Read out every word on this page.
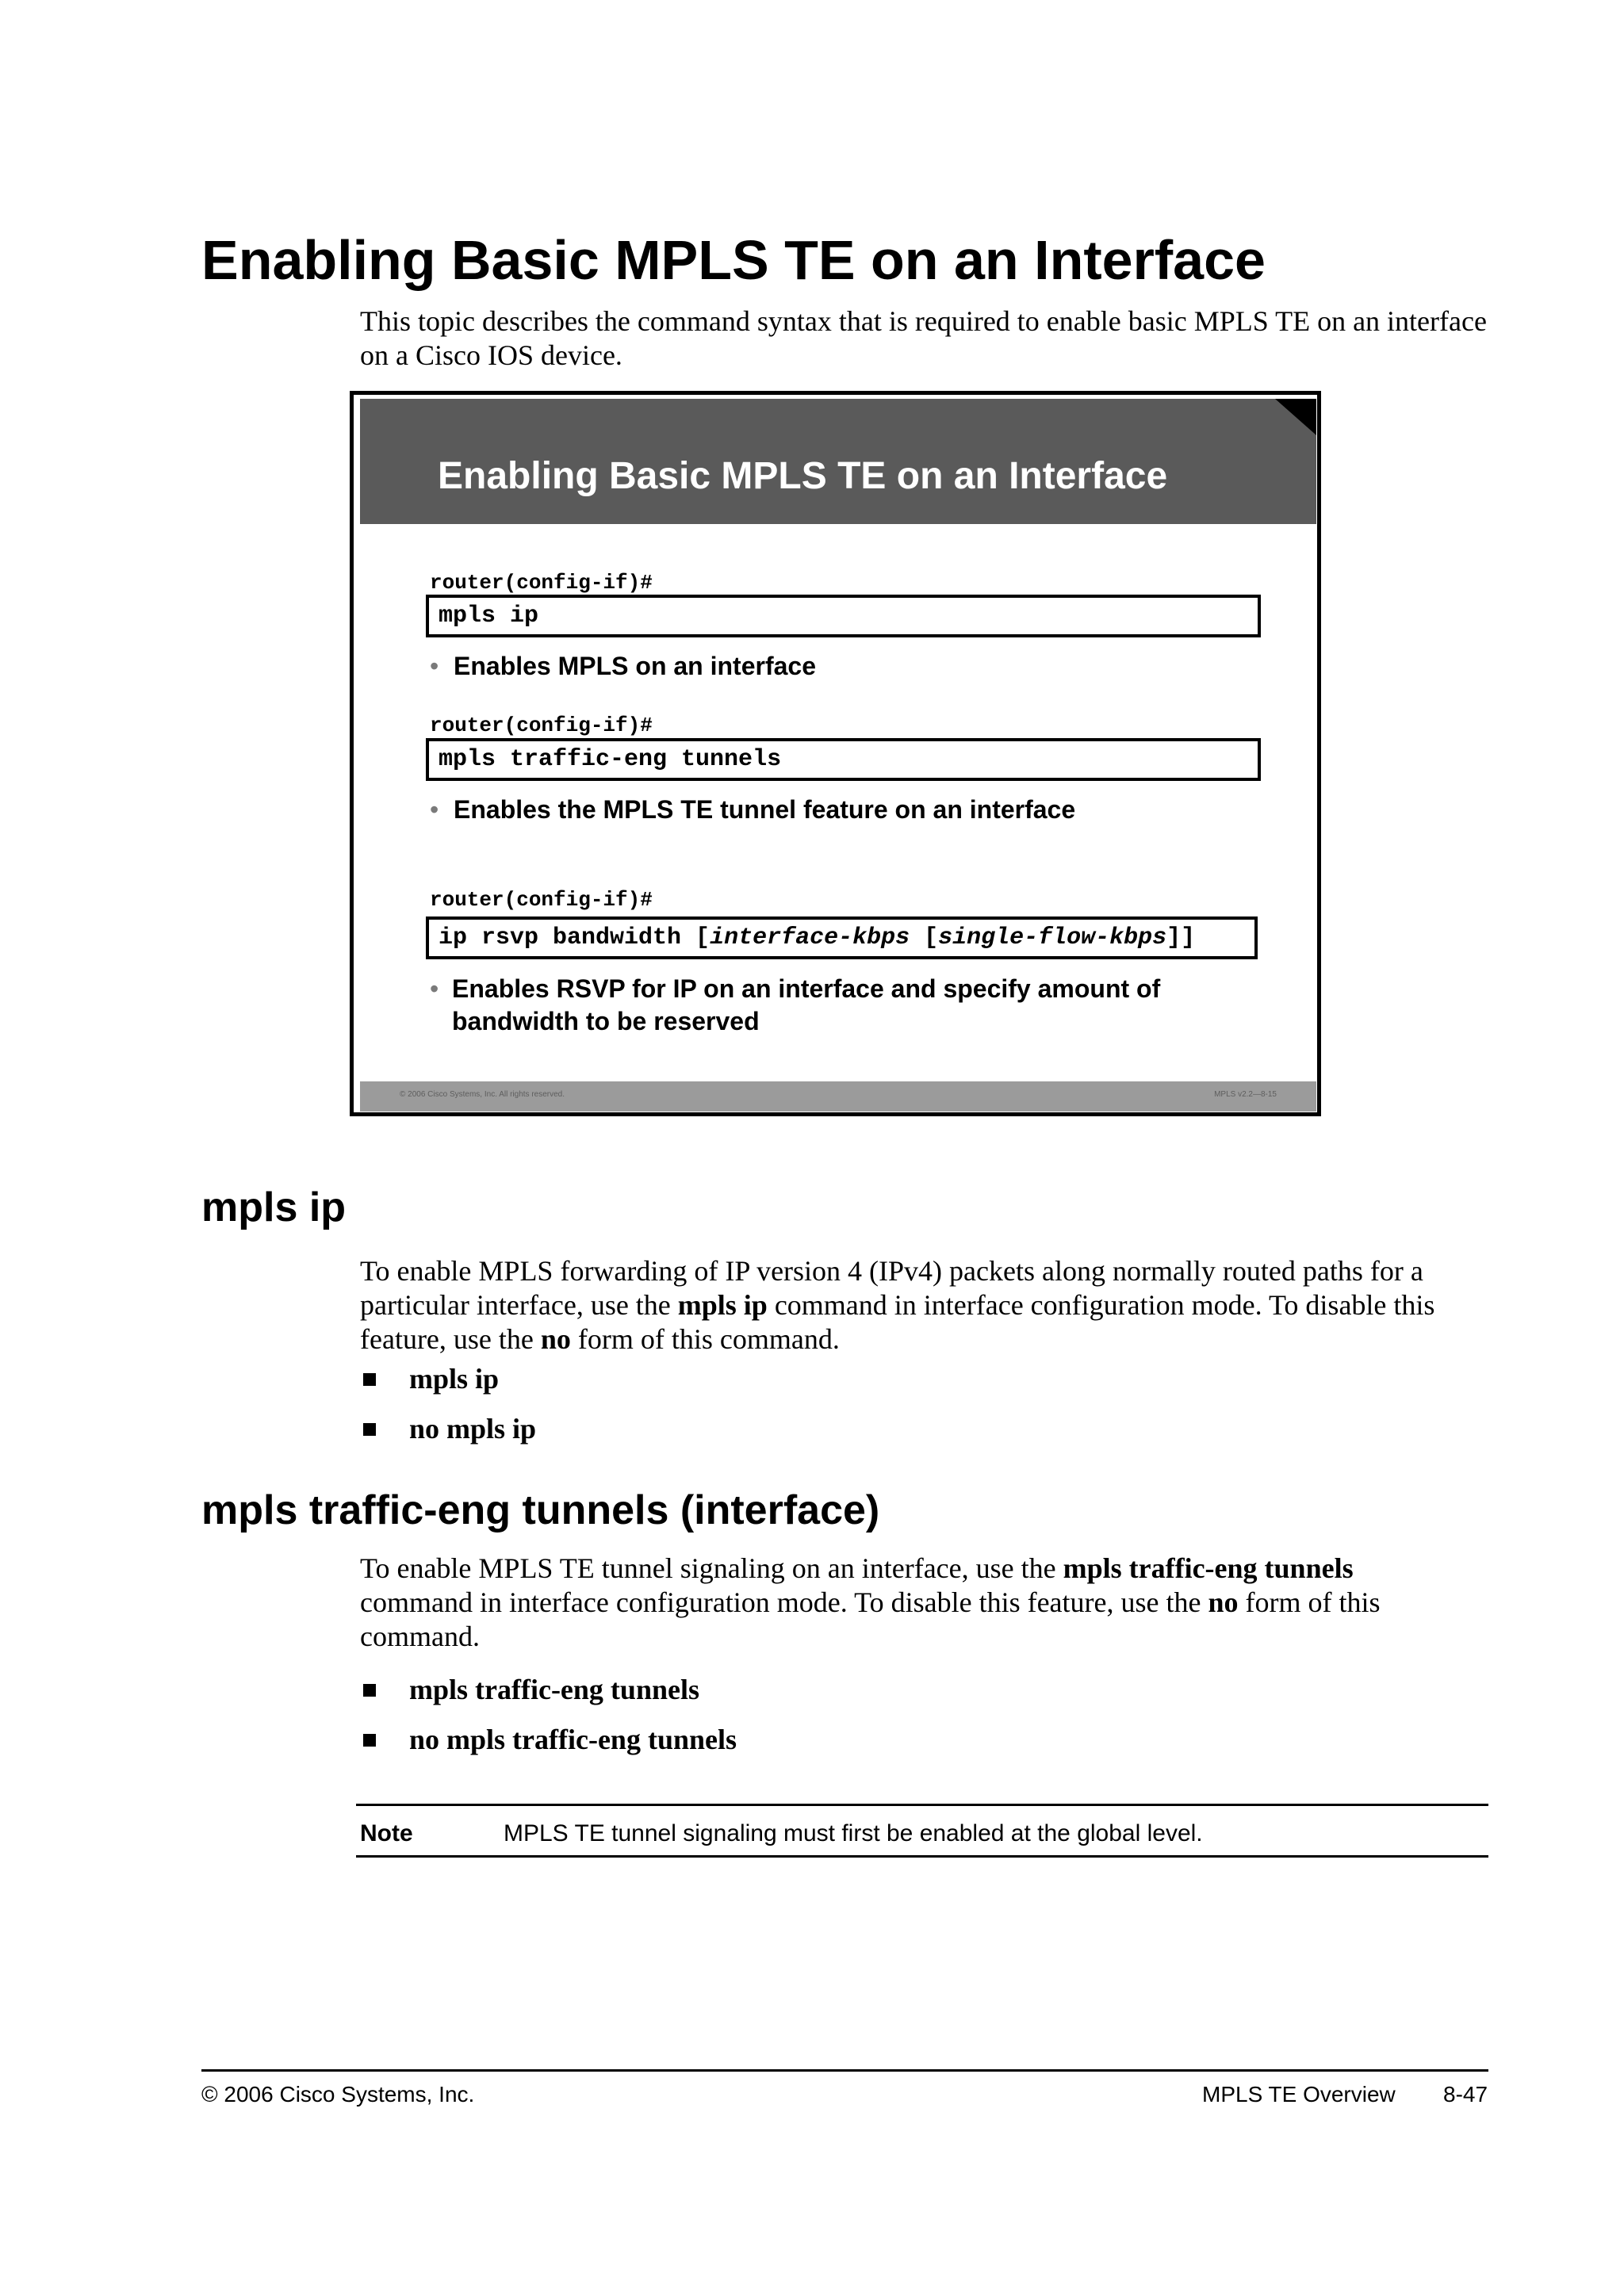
Enabling Basic MPLS TE on an Interface

This topic describes the command syntax that is required to enable basic MPLS TE on an interface on a Cisco IOS device.

Enabling Basic MPLS TE on an Interface
router(config-if)#
mpls ip
• Enables MPLS on an interface
router(config-if)#
mpls traffic-eng tunnels
• Enables the MPLS TE tunnel feature on an interface
router(config-if)#
ip rsvp bandwidth [interface-kbps [single-flow-kbps]]
• Enables RSVP for IP on an interface and specify amount of
bandwidth to be reserved
© 2006 Cisco Systems, Inc. All rights reserved.	MPLS v2.2—8-15
mpls ip
To enable MPLS forwarding of IP version 4 (IPv4) packets along normally routed paths for a
particular interface, use the mpls ip command in interface configuration mode. To disable this
feature, use the no form of this command.
mpls ip
no mpls ip
mpls traffic-eng tunnels (interface)
To enable MPLS TE tunnel signaling on an interface, use the mpls traffic-eng tunnels
command in interface configuration mode. To disable this feature, use the no form of this
command.
mpls traffic-eng tunnels
no mpls traffic-eng tunnels
Note	MPLS TE tunnel signaling must first be enabled at the global level.
© 2006 Cisco Systems, Inc.	MPLS TE Overview 8-47
